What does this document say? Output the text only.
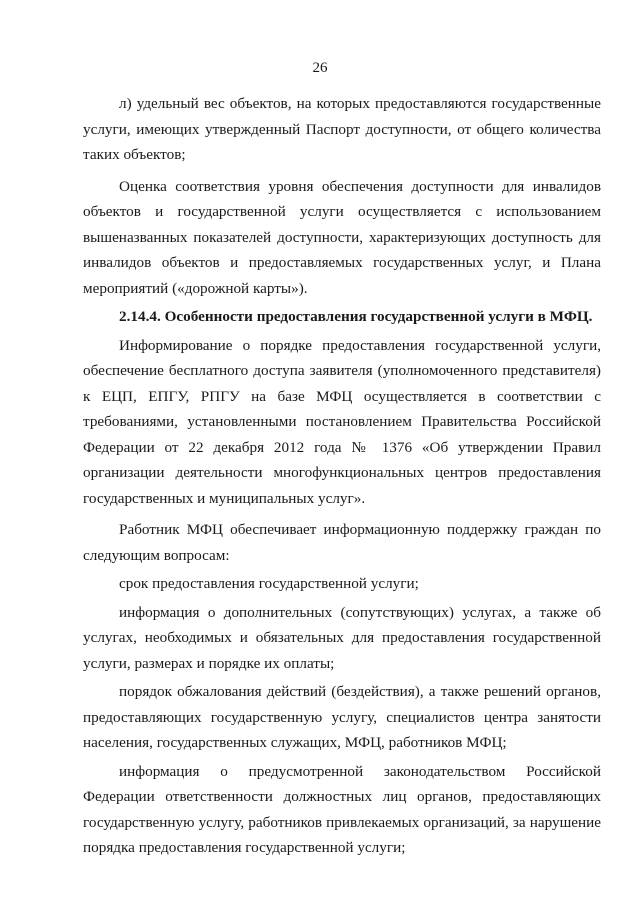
26

л) удельный вес объектов, на которых предоставляются государственные услуги, имеющих утвержденный Паспорт доступности, от общего количества таких объектов;

Оценка соответствия уровня обеспечения доступности для инвалидов объектов и государственной услуги осуществляется с использованием вышеназванных показателей доступности, характеризующих доступность для инвалидов объектов и предоставляемых государственных услуг, и Плана мероприятий («дорожной карты»).

2.14.4. Особенности предоставления государственной услуги в МФЦ.

Информирование о порядке предоставления государственной услуги, обеспечение бесплатного доступа заявителя (уполномоченного представителя) к ЕЦП, ЕПГУ, РПГУ на базе МФЦ осуществляется в соответствии с требованиями, установленными постановлением Правительства Российской Федерации от 22 декабря 2012 года № 1376 «Об утверждении Правил организации деятельности многофункциональных центров предоставления государственных и муниципальных услуг».

Работник МФЦ обеспечивает информационную поддержку граждан по следующим вопросам:

срок предоставления государственной услуги;

информация о дополнительных (сопутствующих) услугах, а также об услугах, необходимых и обязательных для предоставления государственной услуги, размерах и порядке их оплаты;

порядок обжалования действий (бездействия), а также решений органов, предоставляющих государственную услугу, специалистов центра занятости населения, государственных служащих, МФЦ, работников МФЦ;

информация о предусмотренной законодательством Российской Федерации ответственности должностных лиц органов, предоставляющих государственную услугу, работников привлекаемых организаций, за нарушение порядка предоставления государственной услуги;
